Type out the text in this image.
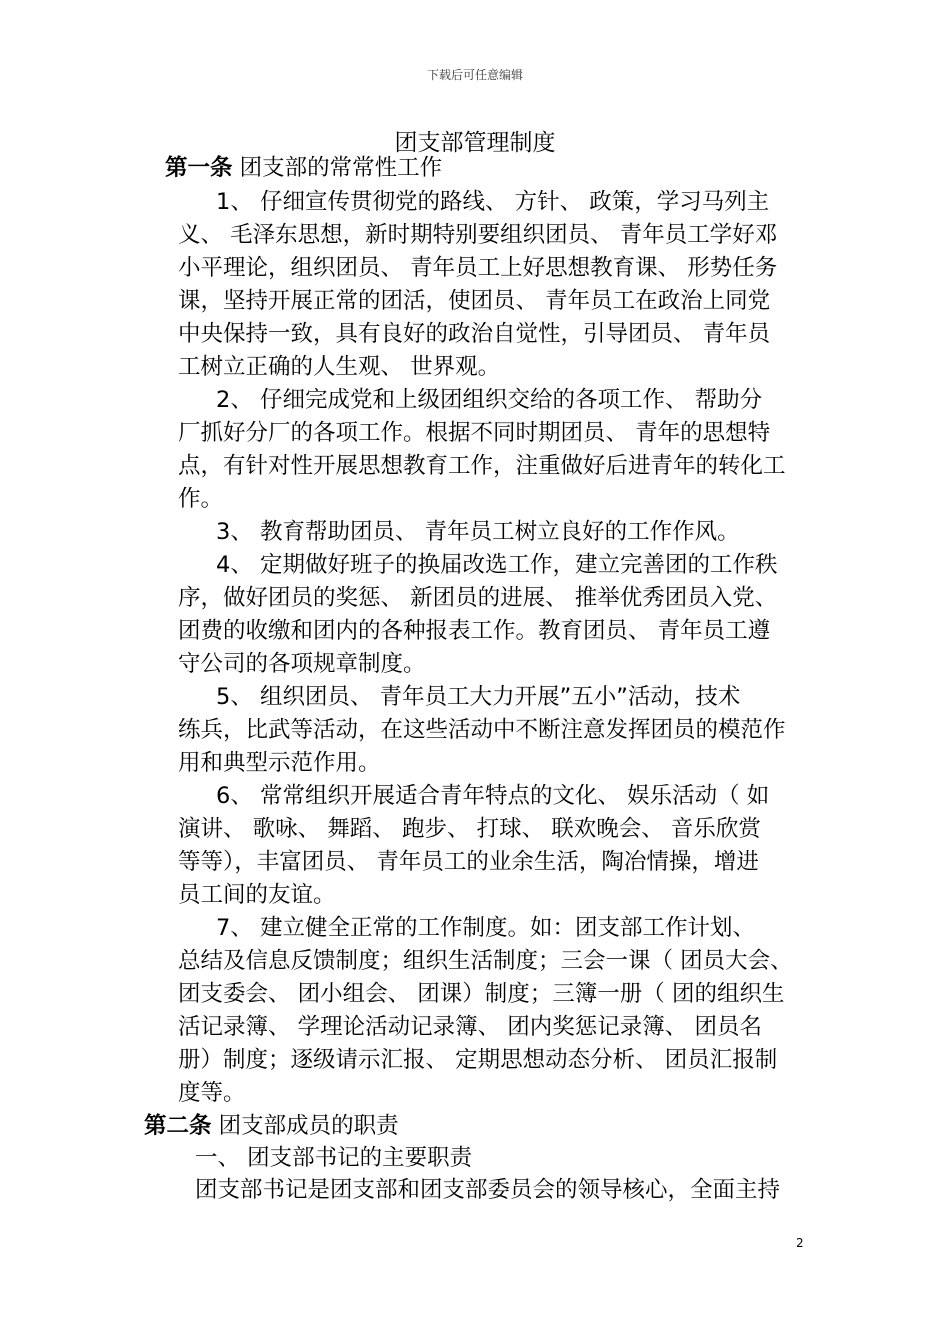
下载后可任意编辑
团支部管理制度
第一条 团支部的常常性工作
1、 仔细宣传贯彻党的路线、 方针、 政策，学习马列主
义、 毛泽东思想，新时期特别要组织团员、 青年员工学好邓
小平理论，组织团员、 青年员工上好思想教育课、 形势任务
课，坚持开展正常的团活，使团员、 青年员工在政治上同党
中央保持一致，具有良好的政治自觉性，引导团员、 青年员
工树立正确的人生观、 世界观。
2、 仔细完成党和上级团组织交给的各项工作、 帮助分
厂抓好分厂的各项工作。根据不同时期团员、 青年的思想特
点，有针对性开展思想教育工作，注重做好后进青年的转化工
作。
3、 教育帮助团员、 青年员工树立良好的工作作风。
4、 定期做好班子的换届改选工作，建立完善团的工作秩
序，做好团员的奖惩、 新团员的进展、 推举优秀团员入党、
团费的收缴和团内的各种报表工作。教育团员、 青年员工遵
守公司的各项规章制度。
5、 组织团员、 青年员工大力开展”五小”活动，技术
练兵，比武等活动，在这些活动中不断注意发挥团员的模范作
用和典型示范作用。
6、 常常组织开展适合青年特点的文化、 娱乐活动（ 如
演讲、 歌咏、 舞蹈、 跑步、 打球、 联欢晚会、 音乐欣赏
等等），丰富团员、 青年员工的业余生活，陶冶情操，增进
员工间的友谊。
7、 建立健全正常的工作制度。如：团支部工作计划、
总结及信息反馈制度；组织生活制度；三会一课（ 团员大会、
团支委会、 团小组会、 团课）制度；三簿一册（ 团的组织生
活记录簿、 学理论活动记录簿、 团内奖惩记录簿、 团员名
册）制度；逐级请示汇报、 定期思想动态分析、 团员汇报制
度等。
第二条 团支部成员的职责
一、 团支部书记的主要职责
团支部书记是团支部和团支部委员会的领导核心，全面主持
2
